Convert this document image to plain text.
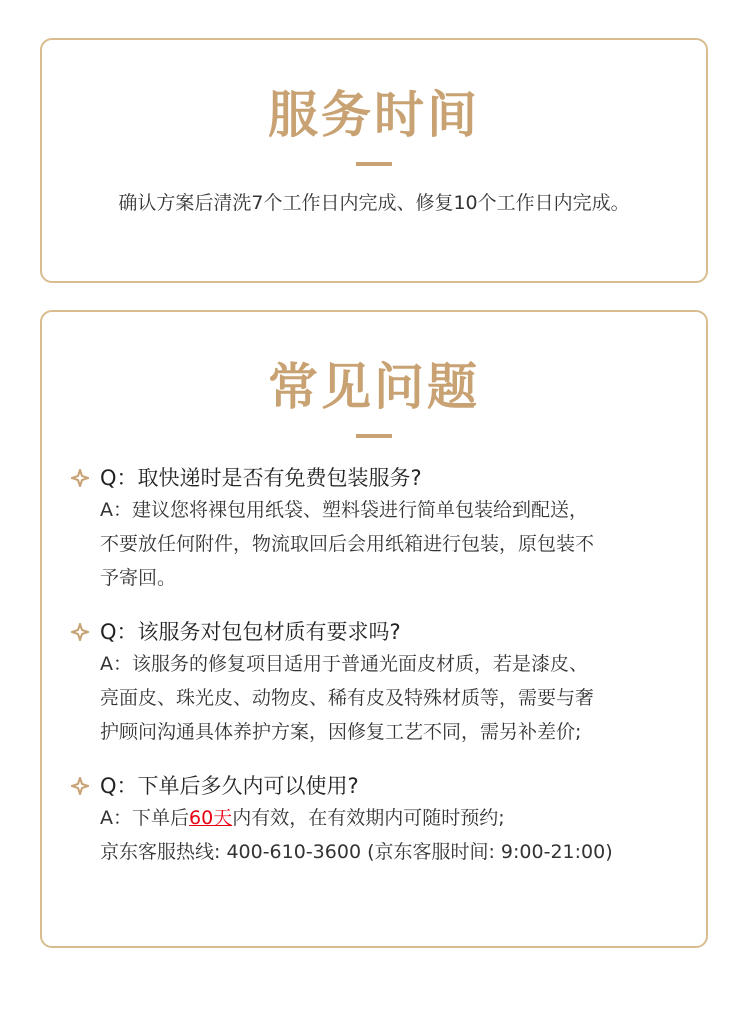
服务时间
确认方案后清洗7个工作日内完成、修复10个工作日内完成。
常见问题
Q：取快递时是否有免费包装服务?
A：建议您将裸包用纸袋、塑料袋进行简单包装给到配送，
不要放任何附件，物流取回后会用纸箱进行包装，原包装不
予寄回。
Q：该服务对包包材质有要求吗?
A：该服务的修复项目适用于普通光面皮材质，若是漆皮、
亮面皮、珠光皮、动物皮、稀有皮及特殊材质等，需要与奢
护顾问沟通具体养护方案，因修复工艺不同，需另补差价;
Q：下单后多久内可以使用?
A：下单后60天内有效，在有效期内可随时预约;
京东客服热线: 400-610-3600 (京东客服时间: 9:00-21:00)
